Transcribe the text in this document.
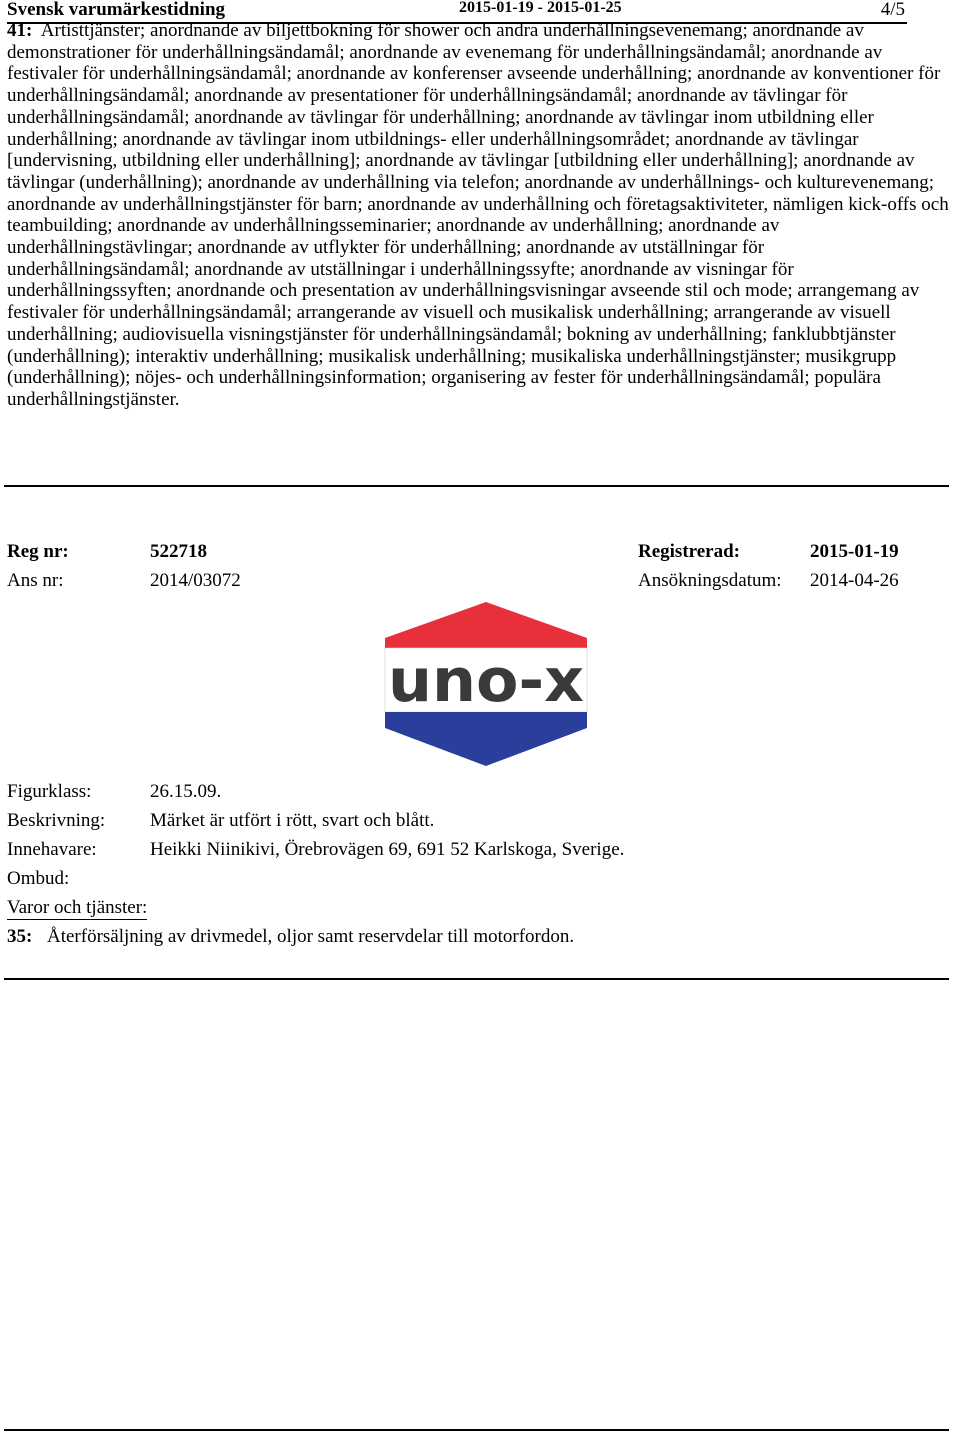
Svensk varumärkestidning	2015-01-19 - 2015-01-25	4/5
41: Artisttjänster; anordnande av biljettbokning för shower och andra underhållningsevenemang; anordnande av demonstrationer för underhållningsändamål; anordnande av evenemang för underhållningsändamål; anordnande av festivaler för underhållningsändamål; anordnande av konferenser avseende underhållning; anordnande av konventioner för underhållningsändamål; anordnande av presentationer för underhållningsändamål; anordnande av tävlingar för underhållningsändamål; anordnande av tävlingar för underhållning; anordnande av tävlingar inom utbildning eller underhållning; anordnande av tävlingar inom utbildnings- eller underhållningsområdet; anordnande av tävlingar [undervisning, utbildning eller underhållning]; anordnande av tävlingar [utbildning eller underhållning]; anordnande av tävlingar (underhållning); anordnande av underhållning via telefon; anordnande av underhållnings- och kulturevenemang; anordnande av underhållningstjänster för barn; anordnande av underhållning och företagsaktiviteter, nämligen kick-offs och teambuilding; anordnande av underhållningsseminarier; anordnande av underhållning; anordnande av underhållningstävlingar; anordnande av utflykter för underhållning; anordnande av utställningar för underhållningsändamål; anordnande av utställningar i underhållningssyfte; anordnande av visningar för underhållningssyften; anordnande och presentation av underhållningsvisningar avseende stil och mode; arrangemang av festivaler för underhållningsändamål; arrangerande av visuell och musikalisk underhållning; arrangerande av visuell underhållning; audiovisuella visningstjänster för underhållningsändamål; bokning av underhållning; fanklubbtjänster (underhållning); interaktiv underhållning; musikalisk underhållning; musikaliska underhållningstjänster; musikgrupp (underhållning); nöjes- och underhållningsinformation; organisering av fester för underhållningsändamål; populära underhållningstjänster.
Reg nr:	522718	Registrerad:	2015-01-19
Ans nr:	2014/03072	Ansökningsdatum: 2014-04-26
uno-x
Figurklass:	26.15.09.
Beskrivning: Märket är utfört i rött, svart och blått.
Innehavare:	Heikki Niinikivi, Örebrovägen 69, 691 52 Karlskoga, Sverige.
Ombud:
Varor och tjänster:
35: Återförsäljning av drivmedel, oljor samt reservdelar till motorfordon.
